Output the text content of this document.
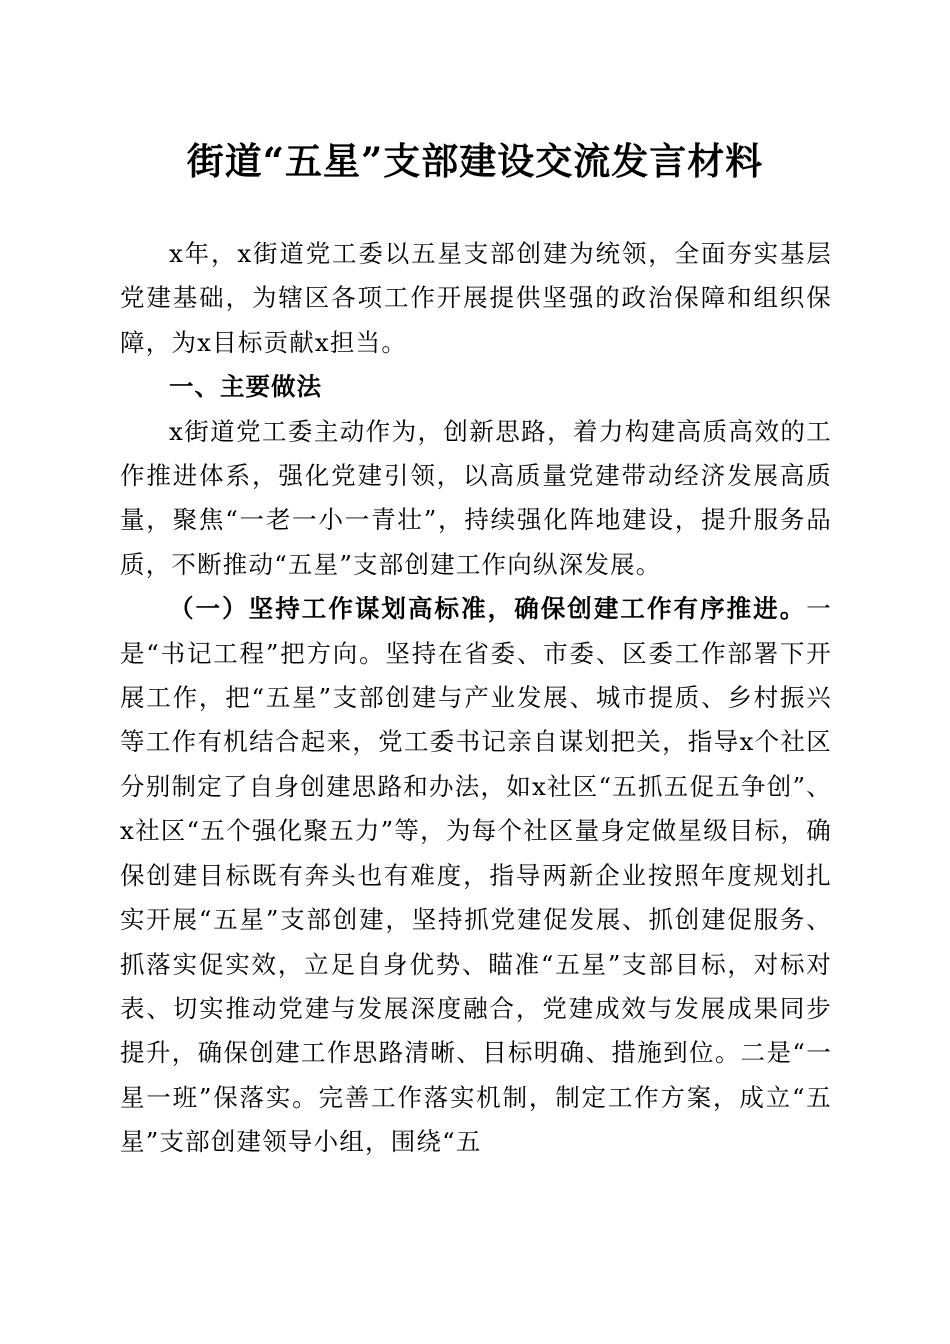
街道“五星”支部建设交流发言材料

x年，x街道党工委以五星支部创建为统领，全面夯实基层党建基础，为辖区各项工作开展提供坚强的政治保障和组织保障，为x目标贡献x担当。

一、主要做法

x街道党工委主动作为，创新思路，着力构建高质高效的工作推进体系，强化党建引领，以高质量党建带动经济发展高质量，聚焦“一老一小一青壮”，持续强化阵地建设，提升服务品质，不断推动“五星”支部创建工作向纵深发展。

（一）坚持工作谋划高标准，确保创建工作有序推进。一是“书记工程”把方向。坚持在省委、市委、区委工作部署下开展工作，把“五星”支部创建与产业发展、城市提质、乡村振兴等工作有机结合起来，党工委书记亲自谋划把关，指导x个社区分别制定了自身创建思路和办法，如x社区“五抓五促五争创”、x社区“五个强化聚五力”等，为每个社区量身定做星级目标，确保创建目标既有奔头也有难度，指导两新企业按照年度规划扎实开展“五星”支部创建，坚持抓党建促发展、抓创建促服务、抓落实促实效，立足自身优势、瞄准“五星”支部目标，对标对表、切实推动党建与发展深度融合，党建成效与发展成果同步提升，确保创建工作思路清晰、目标明确、措施到位。二是“一星一班”保落实。完善工作落实机制，制定工作方案，成立“五星”支部创建领导小组，围绕“五
